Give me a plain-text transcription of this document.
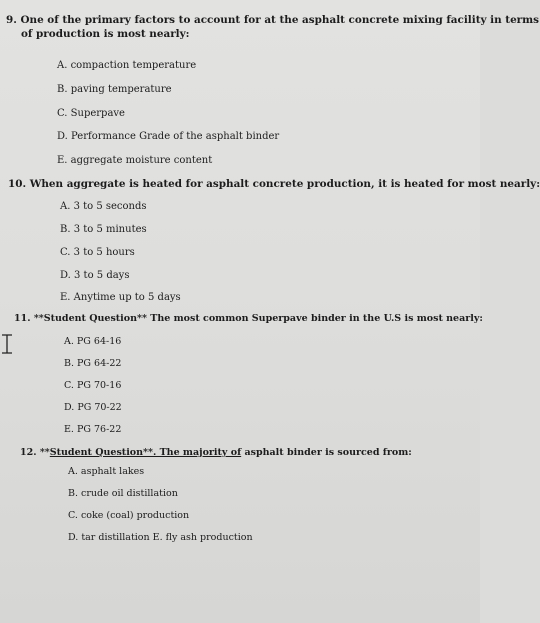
9. One of the primary factors to account for at the asphalt concrete mixing facility in terms
of production is most nearly:
A. compaction temperature
B. paving temperature
C. Superpave
D. Performance Grade of the asphalt binder
E. aggregate moisture content
10. When aggregate is heated for asphalt concrete production, it is heated for most nearly:
A. 3 to 5 seconds
B. 3 to 5 minutes
C. 3 to 5 hours
D. 3 to 5 days
E. Anytime up to 5 days
11. **Student Question** The most common Superpave binder in the U.S is most nearly:
A. PG 64-16
B. PG 64-22
C. PG 70-16
D. PG 70-22
E. PG 76-22
12. **Student Question**. The majority of asphalt binder is sourced from:
A. asphalt lakes
B. crude oil distillation
C. coke (coal) production
D. tar distillation E. fly ash production
